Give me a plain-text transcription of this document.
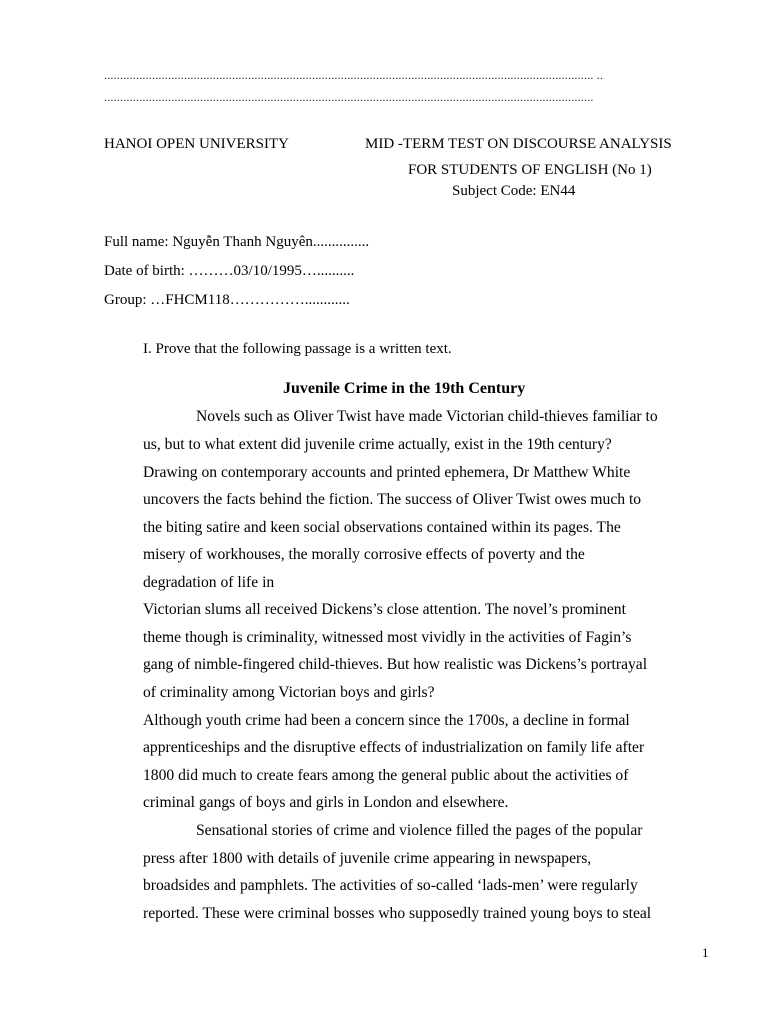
......................................................................................................................................................... ..
.........................................................................................................................................................
HANOI OPEN UNIVERSITY	MID -TERM TEST ON DISCOURSE ANALYSIS
FOR STUDENTS OF ENGLISH (No 1)
Subject Code: EN44
Full name: Nguyễn Thanh Nguyên...............
Date of birth: ………03/10/1995…..........
Group: …FHCM118……………............
I. Prove that the following passage is a written text.
Juvenile Crime in the 19th Century
Novels such as Oliver Twist have made Victorian child-thieves familiar to
us, but to what extent did juvenile crime actually, exist in the 19th century?
Drawing on contemporary accounts and printed ephemera, Dr Matthew White
uncovers the facts behind the fiction. The success of Oliver Twist owes much to
the biting satire and keen social observations contained within its pages. The
misery of workhouses, the morally corrosive effects of poverty and the
degradation of life in
Victorian slums all received Dickens’s close attention. The novel’s prominent
theme though is criminality, witnessed most vividly in the activities of Fagin’s
gang of nimble-fingered child-thieves. But how realistic was Dickens’s portrayal
of criminality among Victorian boys and girls?
Although youth crime had been a concern since the 1700s, a decline in formal
apprenticeships and the disruptive effects of industrialization on family life after
1800 did much to create fears among the general public about the activities of
criminal gangs of boys and girls in London and elsewhere.
Sensational stories of crime and violence filled the pages of the popular
press after 1800 with details of juvenile crime appearing in newspapers,
broadsides and pamphlets. The activities of so-called ‘lads-men’ were regularly
reported. These were criminal bosses who supposedly trained young boys to steal
1
